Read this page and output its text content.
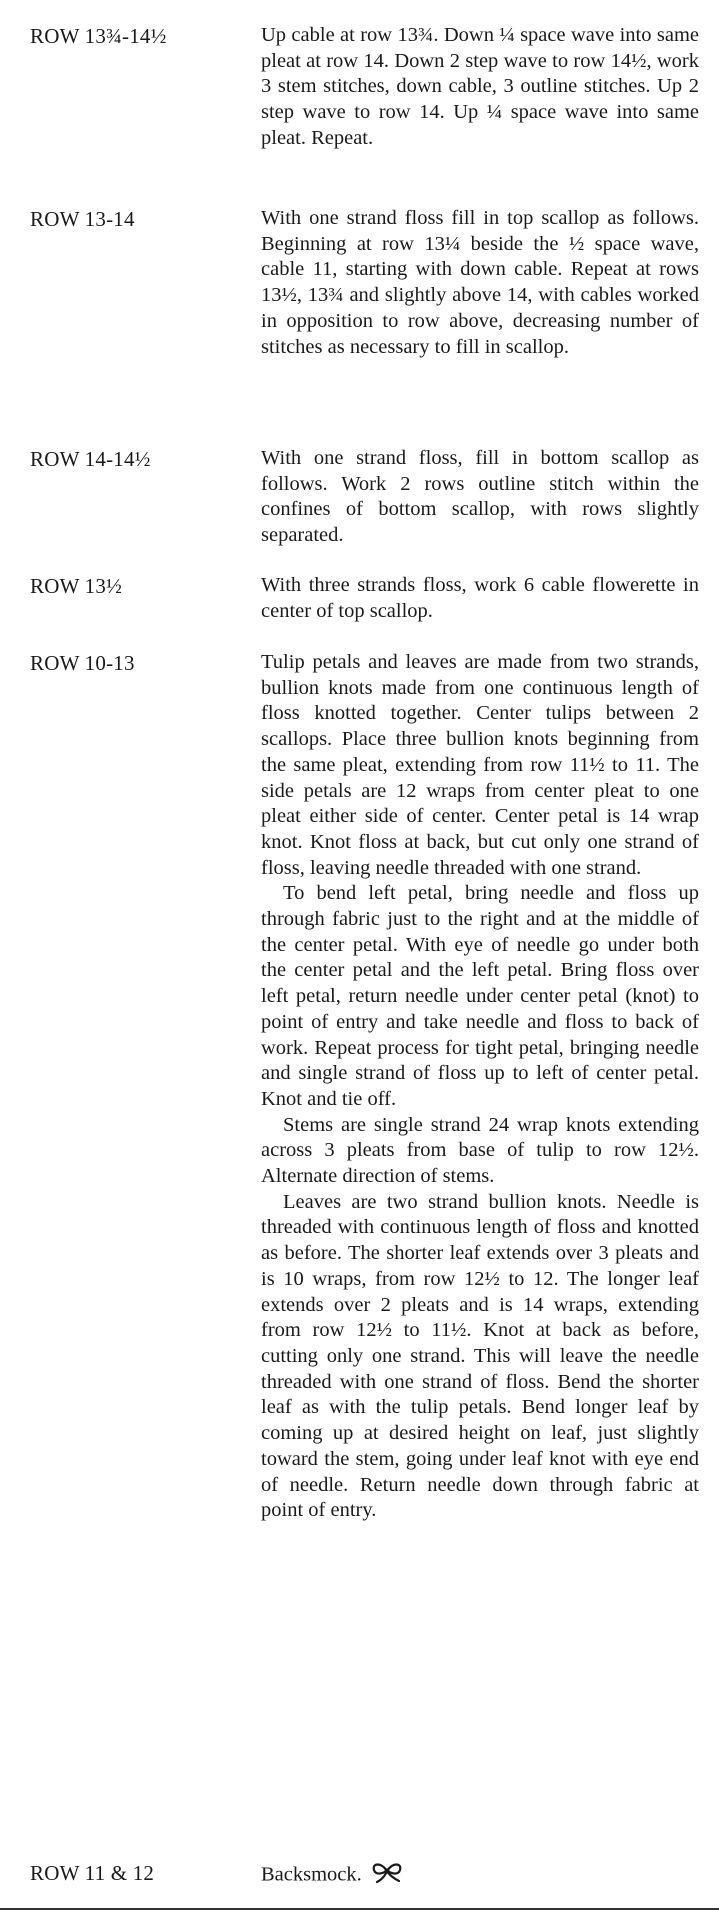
ROW 13¾-14½	Up cable at row 13¾. Down ¼ space wave into same pleat at row 14. Down 2 step wave to row 14½, work 3 stem stitches, down cable, 3 outline stitches. Up 2 step wave to row 14. Up ¼ space wave into same pleat. Repeat.

ROW 13-14	With one strand floss fill in top scallop as follows. Beginning at row 13¼ beside the ½ space wave, cable 11, starting with down cable. Repeat at rows 13½, 13¾ and slightly above 14, with cables worked in opposition to row above, decreasing number of stitches as necessary to fill in scallop.

ROW 14-14½	With one strand floss, fill in bottom scallop as follows. Work 2 rows outline stitch within the confines of bottom scallop, with rows slightly separated.

ROW 13½	With three strands floss, work 6 cable flowerette in center of top scallop.

ROW 10-13	Tulip petals and leaves are made from two strands, bullion knots made from one continuous length of floss knotted together. Center tulips between 2 scallops. Place three bullion knots beginning from the same pleat, extending from row 11½ to 11. The side petals are 12 wraps from center pleat to one pleat either side of center. Center petal is 14 wrap knot. Knot floss at back, but cut only one strand of floss, leaving needle threaded with one strand.

To bend left petal, bring needle and floss up through fabric just to the right and at the middle of the center petal. With eye of needle go under both the center petal and the left petal. Bring floss over left petal, return needle under center petal (knot) to point of entry and take needle and floss to back of work. Repeat process for tight petal, bringing needle and single strand of floss up to left of center petal. Knot and tie off.

Stems are single strand 24 wrap knots extending across 3 pleats from base of tulip to row 12½. Alternate direction of stems.

Leaves are two strand bullion knots. Needle is threaded with continuous length of floss and knotted as before. The shorter leaf extends over 3 pleats and is 10 wraps, from row 12½ to 12. The longer leaf extends over 2 pleats and is 14 wraps, extending from row 12½ to 11½. Knot at back as before, cutting only one strand. This will leave the needle threaded with one strand of floss. Bend the shorter leaf as with the tulip petals. Bend longer leaf by coming up at desired height on leaf, just slightly toward the stem, going under leaf knot with eye end of needle. Return needle down through fabric at point of entry.

ROW 11 & 12	Backsmock.
